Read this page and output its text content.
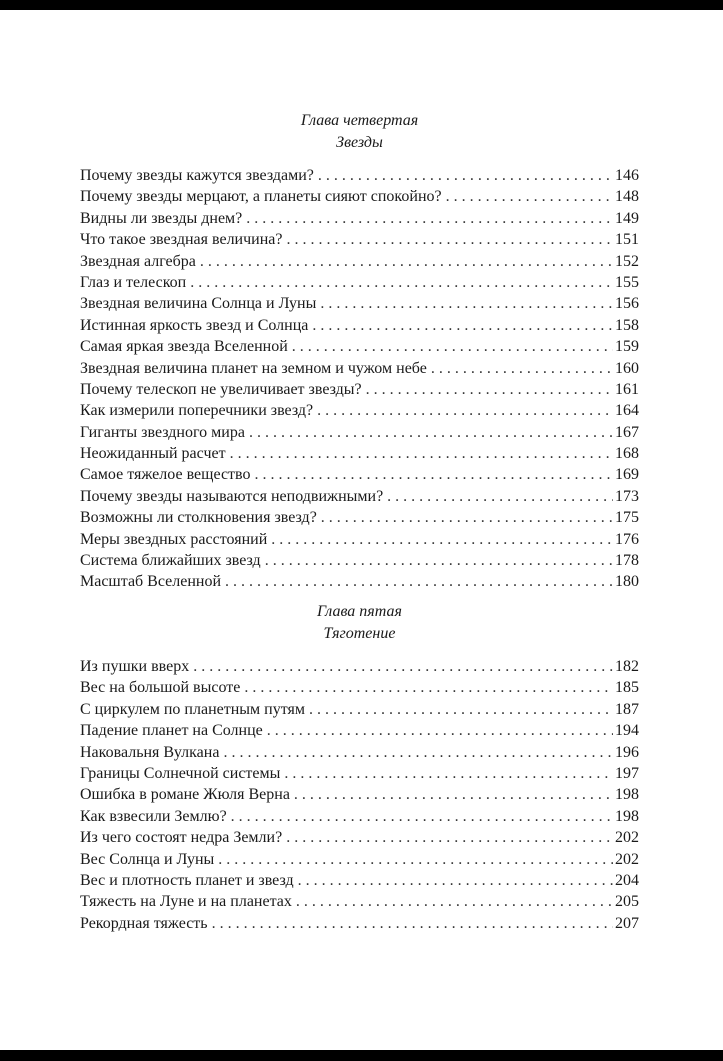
Глава четвертая
Звезды
Почему звезды кажутся звездами? . . .	146
Почему звезды мерцают, а планеты сияют спокойно? . . .	148
Видны ли звезды днем? . . .	149
Что такое звездная величина? . . .	151
Звездная алгебра . . .	152
Глаз и телескоп . . .	155
Звездная величина Солнца и Луны . . .	156
Истинная яркость звезд и Солнца . . .	158
Самая яркая звезда Вселенной . . .	159
Звездная величина планет на земном и чужом небе . . .	160
Почему телескоп не увеличивает звезды? . . .	161
Как измерили поперечники звезд? . . .	164
Гиганты звездного мира . . .	167
Неожиданный расчет . . .	168
Самое тяжелое вещество . . .	169
Почему звезды называются неподвижными? . . .	173
Возможны ли столкновения звезд? . . .	175
Меры звездных расстояний . . .	176
Система ближайших звезд . . .	178
Масштаб Вселенной . . .	180
Глава пятая
Тяготение
Из пушки вверх . . .	182
Вес на большой высоте . . .	185
С циркулем по планетным путям . . .	187
Падение планет на Солнце . . .	194
Наковальня Вулкана . . .	196
Границы Солнечной системы . . .	197
Ошибка в романе Жюля Верна . . .	198
Как взвесили Землю? . . .	198
Из чего состоят недра Земли? . . .	202
Вес Солнца и Луны . . .	202
Вес и плотность планет и звезд . . .	204
Тяжесть на Луне и на планетах . . .	205
Рекордная тяжесть . . .	207
